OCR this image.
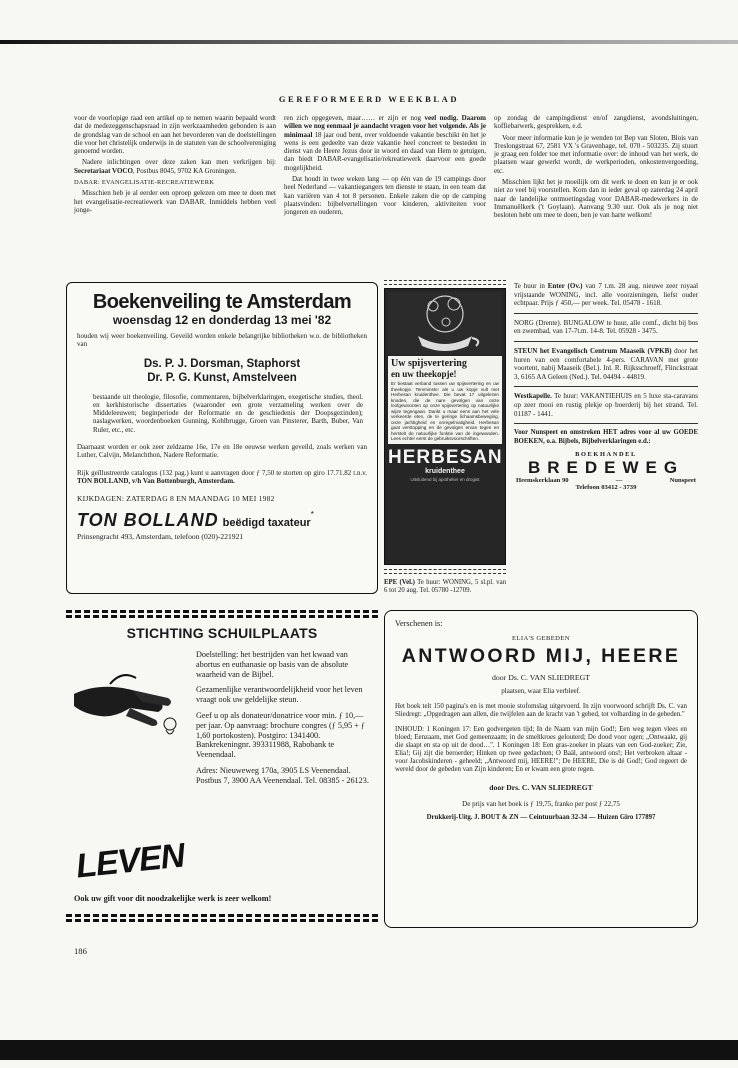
GEREFORMEERD WEEKBLAD

voor de voorlopige raad een artikel op te nemen waarin bepaald wordt dat de medezeggenschapsraad in zijn werkzaamheden gebonden is aan de grondslag van de school en aan het bevorderen van de doelstellingen die voor het christelijk onderwijs in de statuten van de schoolvereniging genoemd worden.

Nadere inlichtingen over deze zaken kan men verkrijgen bij: Secretariaat VOCO, Postbus 8045, 9702 KA Groningen.

DABAR: EVANGELISATIE-RECREATIEWERK

Misschien heb je al eerder een oproep gelezen om mee te doen met het evangelisatie-recreatiewerk van DABAR. Inmiddels hebben veel jonge-

ren zich opgegeven, maar…… er zijn er nog veel nodig. Daarom willen we nog eenmaal je aandacht vragen voor het volgende. Als je minimaal 18 jaar oud bent, over voldoende vakantie beschikt èn het je wens is een gedeelte van deze vakantie heel concreet te besteden in dienst van de Heere Jezus door in woord en daad van Hem te getuigen, dan biedt DABAR-evangelisatie/rekreatiewerk daarvoor een goede mogelijkheid.

Dat houdt in twee weken lang — op één van de 19 campings door heel Nederland — vakantiegangers ten dienste te staan, in een team dat kan variëren van 4 tot 8 personen. Enkele zaken die op de camping plaatsvinden: bijbelvertellingen voor kinderen, aktiviteiten voor jongeren en ouderen,

op zondag de campingdienst en/of zangdienst, avondsluitingen, koffiebarwerk, gesprekken, e.d.

Voor meer informatie kun je je wenden tot Bep van Sloten, Blois van Treslongstraat 67, 2581 VX 's Gravenhage, tel. 070 - 503235. Zij stuurt je graag een folder toe met informatie over: de inhoud van het werk, de plaatsen waar gewerkt wordt, de werkperioden, onkostenvergoeding, etc.

Misschien lijkt het je moeilijk om dit werk te doen en kun je er ook niet zo veel bij voorstellen. Kom dan in ieder geval op zaterdag 24 april naar de landelijke ontmoetingsdag voor DABAR-medewerkers in de Immanuëlkerk ('t Goylaan). Aanvang 9.30 uur. Ook als je nog niet besloten hebt om mee te doen, ben je van harte welkom!

Boekenveiling te Amsterdam
woensdag 12 en donderdag 13 mei '82
houden wij weer boekenveiling. Geveild worden enkele belangrijke bibliotheken w.o. de bibliotheken van
Ds. P. J. Dorsman, Staphorst
Dr. P. G. Kunst, Amstelveen
bestaande uit theologie, filosofie, commentaren, bijbelverklaringen, exegetische studies, theol. en kerkhistorische dissertaties (waaronder een grote verzameling werken over de Middeleeuwen; beginperiode der Reformatie en de geschiedenis der Doopsgezinden); naslagwerken, woordenboeken Gunning, Kohlbrugge, Groen van Pinsterer, Barth, Buber, Van Ruler, etc., etc.
Daarnaast worden er ook zeer zeldzame 16e, 17e en 18e eeuwse werken geveild, zoals werken van Luther, Calvijn, Melanchthon, Nadere Reformatie.
Rijk geïllustreerde catalogus (132 pag.) kunt u aanvragen door ƒ 7,50 te storten op giro 17.71.82 t.n.v. TON BOLLAND, v/h Van Bottenburgh, Amsterdam.
KIJKDAGEN: ZATERDAG 8 EN MAANDAG 10 MEI 1982
TON BOLLAND beëdigd taxateur*
Prinsengracht 493, Amsterdam, telefoon (020)-221921
Uw spijsvertering
en uw theekopje!
Er bestaat verband tussen uw spijsvertering en uw theekopje. Temminste: als u uw kopje vult met Herbesan kruidenthee. Die bevat 17 uitgelezen kruiden, die de nare gevolgen van onze loofgewoonten op onze spijsvertering op natuurlijke wijze tegengaan. Dankt u maar eens aan het vele verkeerde eten, de te geringe lichaamsbeweging, onze jachtigheid en onregelmatigheid. Herbesan gaat verstopping en de gevolgen ervan tegen en herstelt de natuurlijke funktie van de ingewanden. Lees echter eerst de gebruiksvoorschriften.
HERBESAN
kruidenthee
Uitsluitend bij apotheker en drogist
EPE (Vel.) Te huur: WONING, 5 sl.pl. van 6 tot 20 aug. Tel. 05780 -12709.
Te huur in Enter (Ov.) van 7 t.m. 28 aug. nieuwe zeer royaal vrijstaande WONING, incl. alle voorzieningen, liefst ouder echtpaar. Prijs ƒ 450,— per week. Tel. 05478 - 1618.
NORG (Drente). BUNGALOW te huur, alle comf., dicht bij bos en zwembad, van 17-7t.m. 14-8. Tel. 05928 - 3475.
STEUN het Evangelisch Centrum Maaseik (VPKB) door het huren van een comfortabele 4-pers. CARAVAN met grote voortent, nabij Maaseik (Bel.). Inl. R. Rijksschroeff, Flinckstraat 3, 6165 AA Geleen (Ned.). Tel. 04494 - 44819.
Westkapelle. Te huur: VAKANTIEHUIS en 5 luxe sta-caravans op zeer mooi en rustig plekje op boerderij bij het strand. Tel. 01187 - 1441.
Voor Nunspeet en omstreken HET adres voor al uw GOEDE BOEKEN, o.a. Bijbels, Bijbelverklaringen e.d.:
BOEKHANDEL
BREDEWEG
Heemskerklaan 90	—	Nunspeet
Telefoon 03412 - 3739
STICHTING SCHUILPLAATS

Doelstelling: het bestrijden van het kwaad van abortus en euthanasie op basis van de absolute waarheid van de Bijbel.

Gezamenlijke verantwoordelijkheid voor het leven vraagt ook uw geldelijke steun.

Geef u op als donateur/donatrice voor min. ƒ 10,— per jaar. Op aanvraag: brochure congres (ƒ 5,95 + ƒ 1,60 portokosten). Postgiro: 1341400. Bankrekeningnr. 393311988, Rabobank te Veenendaal.

Adres: Nieuweweg 170a, 3905 LS Veenendaal. Postbus 7, 3900 AA Veenendaal. Tel. 08385 - 26123.

LEVEN
Ook uw gift voor dit noodzakelijke werk is zeer welkom!
Verschenen is:
ELIA'S GEBEDEN
ANTWOORD MIJ, HEERE
door Ds. C. VAN SLIEDREGT
plaatsen, waar Elia verbleef.
Het boek telt 150 pagina's en is met mooie stofomslag uitgevoerd. In zijn voorwoord schrijft Ds. C. van Sliedregt: „Opgedragen aan allen, die twijfelen aan de kracht van 't gebed, tot volharding in de gebeden."
INHOUD: 1 Koningen 17: Een godvergeten tijd; In de Naam van mijn God!; Een weg tegen vlees en bloed; Eenzaam, met God gemeenzaam; in de smeltkroes gelouterd; De dood voor ogen; „Ontwaakt, gij die slaapt en sta op uit de dood…". 1 Koningen 18: Een gras-zoeker in plaats van een God-zoeker; Zie, Elia!; Gij zijt die beroerder; Hinken op twee gedachten; O Baäl, antwoord ons!; Het verbroken altaar - voor Jacobskinderen - geheeld; „Antwoord mij, HEERE!"; De HEERE, Die is dé God!; God regeert de wereld door de gebeden van Zijn kinderen; En er kwam een grote regen.
door Drs. C. VAN SLIEDREGT
De prijs van het boek is ƒ 19,75, franko per post ƒ 22,75
Drukkerij-Uitg. J. BOUT & ZN — Ceintuurbaan 32-34 — Huizen Giro 177897
186
